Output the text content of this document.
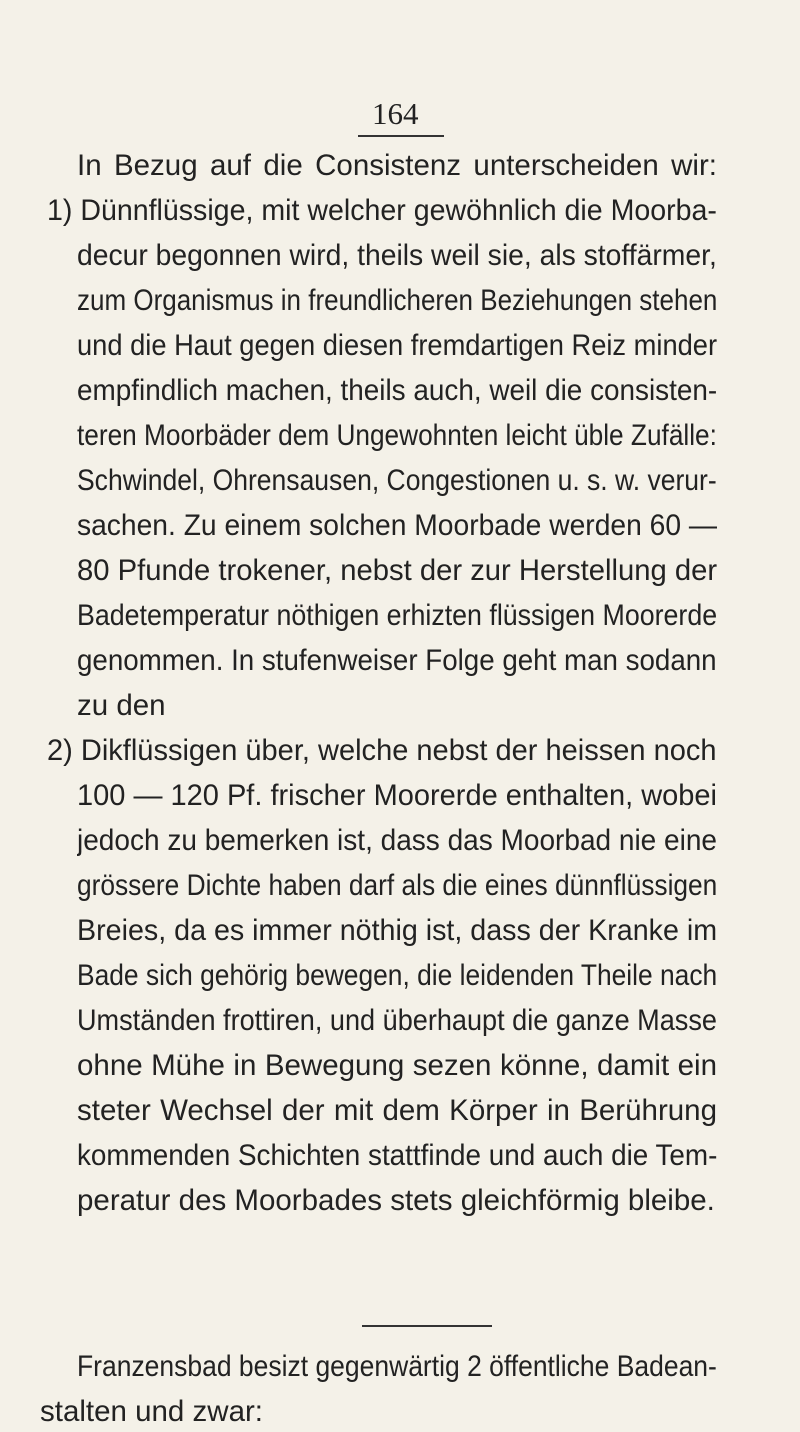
164
In Bezug auf die Consistenz unterscheiden wir:
1) Dünnflüssige, mit welcher gewöhnlich die Moorba-
decur begonnen wird, theils weil sie, als stoffärmer,
zum Organismus in freundlicheren Beziehungen stehen
und die Haut gegen diesen fremdartigen Reiz minder
empfindlich machen, theils auch, weil die consisten-
teren Moorbäder dem Ungewohnten leicht üble Zufälle:
Schwindel, Ohrensausen, Congestionen u. s. w. verur-
sachen. Zu einem solchen Moorbade werden 60 —
80 Pfunde trokener, nebst der zur Herstellung der
Badetemperatur nöthigen erhizten flüssigen Moorerde
genommen. In stufenweiser Folge geht man sodann
zu den
2) Dikflüssigen über, welche nebst der heissen noch
100 — 120 Pf. frischer Moorerde enthalten, wobei
jedoch zu bemerken ist, dass das Moorbad nie eine
grössere Dichte haben darf als die eines dünnflüssigen
Breies, da es immer nöthig ist, dass der Kranke im
Bade sich gehörig bewegen, die leidenden Theile nach
Umständen frottiren, und überhaupt die ganze Masse
ohne Mühe in Bewegung sezen könne, damit ein
steter Wechsel der mit dem Körper in Berührung
kommenden Schichten stattfinde und auch die Tem-
peratur des Moorbades stets gleichförmig bleibe.
Franzensbad besizt gegenwärtig 2 öffentliche Badean-
stalten und zwar:
